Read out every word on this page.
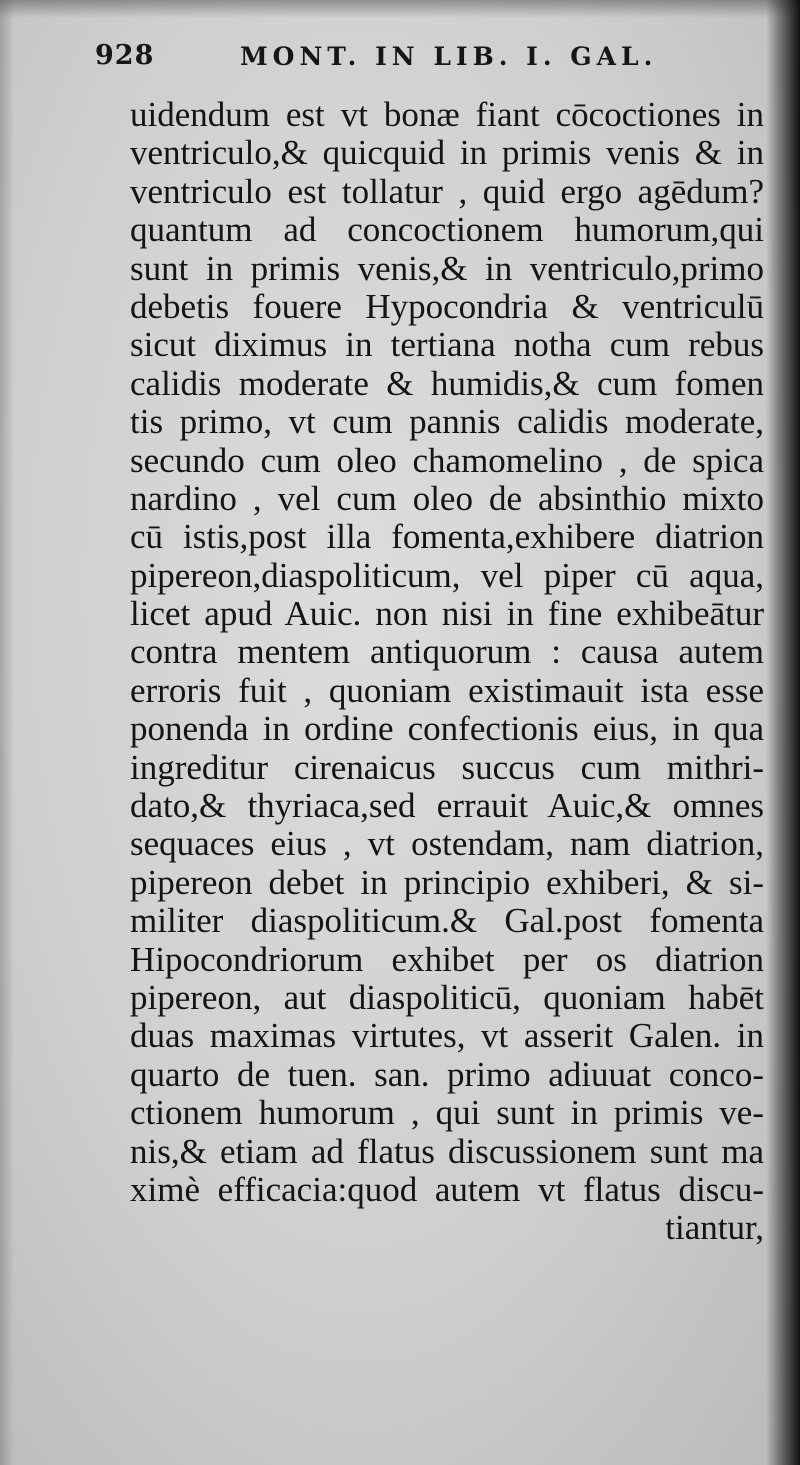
928	MONT. IN LIB. I. GAL.
uidendum est vt bonæ fiant cōcoctiones in
ventriculo,& quicquid in primis venis & in
ventriculo est tollatur , quid ergo agēdum?
quantum ad concoctionem humorum,qui
sunt in primis venis,& in ventriculo,primo
debetis fouere Hypocondria & ventriculū
sicut diximus in tertiana notha cum rebus
calidis moderate & humidis,& cum fomen
tis primo, vt cum pannis calidis moderate,
secundo cum oleo chamomelino , de spica
nardino , vel cum oleo de absinthio mixto
cū istis,post illa fomenta,exhibere diatrion
pipereon,diaspoliticum, vel piper cū aqua,
licet apud Auic. non nisi in fine exhibeātur
contra mentem antiquorum : causa autem
erroris fuit , quoniam existimauit ista esse
ponenda in ordine confectionis eius, in qua
ingreditur cirenaicus succus cum mithri-
dato,& thyriaca,sed errauit Auic,& omnes
sequaces eius , vt ostendam, nam diatrion,
pipereon debet in principio exhiberi, & si-
militer diaspoliticum.& Gal.post fomenta
Hipocondriorum exhibet per os diatrion
pipereon, aut diaspoliticū, quoniam habēt
duas maximas virtutes, vt asserit Galen. in
quarto de tuen. san. primo adiuuat conco-
ctionem humorum , qui sunt in primis ve-
nis,& etiam ad flatus discussionem sunt ma
ximè efficacia:quod autem vt flatus discu-
tiantur,
